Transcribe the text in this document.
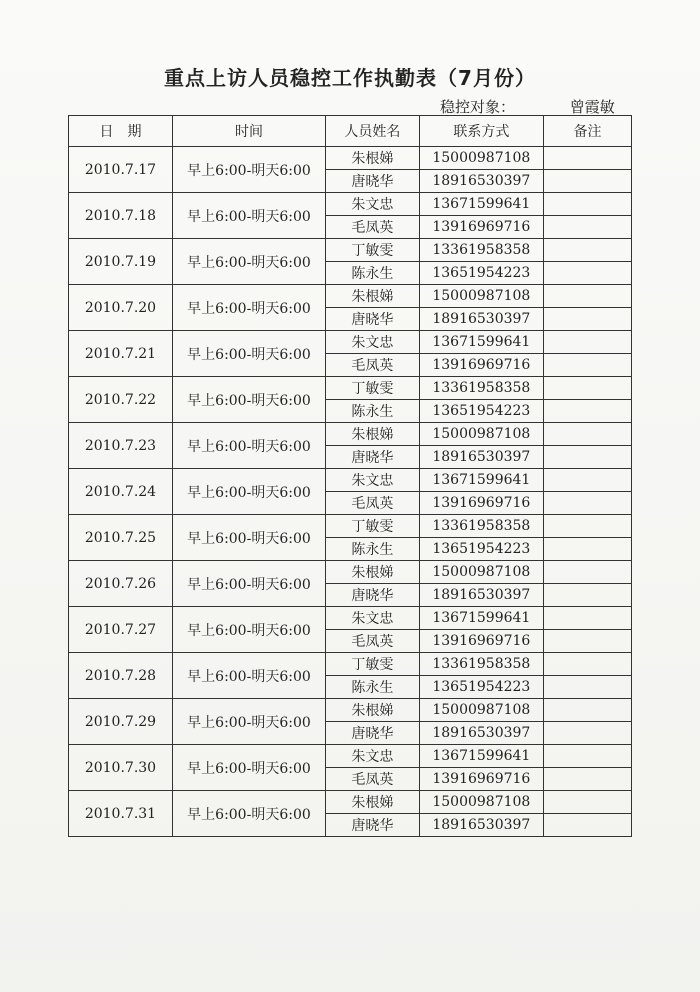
重点上访人员稳控工作执勤表（7月份）
稳控对象：	曾霞敏
日　期	时间	人员姓名	联系方式	备注
2010.7.17	早上6:00-明天6:00	朱根娣	15000987108	
		唐晓华	18916530397	
2010.7.18	早上6:00-明天6:00	朱文忠	13671599641	
		毛凤英	13916969716	
2010.7.19	早上6:00-明天6:00	丁敏雯	13361958358	
		陈永生	13651954223	
2010.7.20	早上6:00-明天6:00	朱根娣	15000987108	
		唐晓华	18916530397	
2010.7.21	早上6:00-明天6:00	朱文忠	13671599641	
		毛凤英	13916969716	
2010.7.22	早上6:00-明天6:00	丁敏雯	13361958358	
		陈永生	13651954223	
2010.7.23	早上6:00-明天6:00	朱根娣	15000987108	
		唐晓华	18916530397	
2010.7.24	早上6:00-明天6:00	朱文忠	13671599641	
		毛凤英	13916969716	
2010.7.25	早上6:00-明天6:00	丁敏雯	13361958358	
		陈永生	13651954223	
2010.7.26	早上6:00-明天6:00	朱根娣	15000987108	
		唐晓华	18916530397	
2010.7.27	早上6:00-明天6:00	朱文忠	13671599641	
		毛凤英	13916969716	
2010.7.28	早上6:00-明天6:00	丁敏雯	13361958358	
		陈永生	13651954223	
2010.7.29	早上6:00-明天6:00	朱根娣	15000987108	
		唐晓华	18916530397	
2010.7.30	早上6:00-明天6:00	朱文忠	13671599641	
		毛凤英	13916969716	
2010.7.31	早上6:00-明天6:00	朱根娣	15000987108	
		唐晓华	18916530397	
